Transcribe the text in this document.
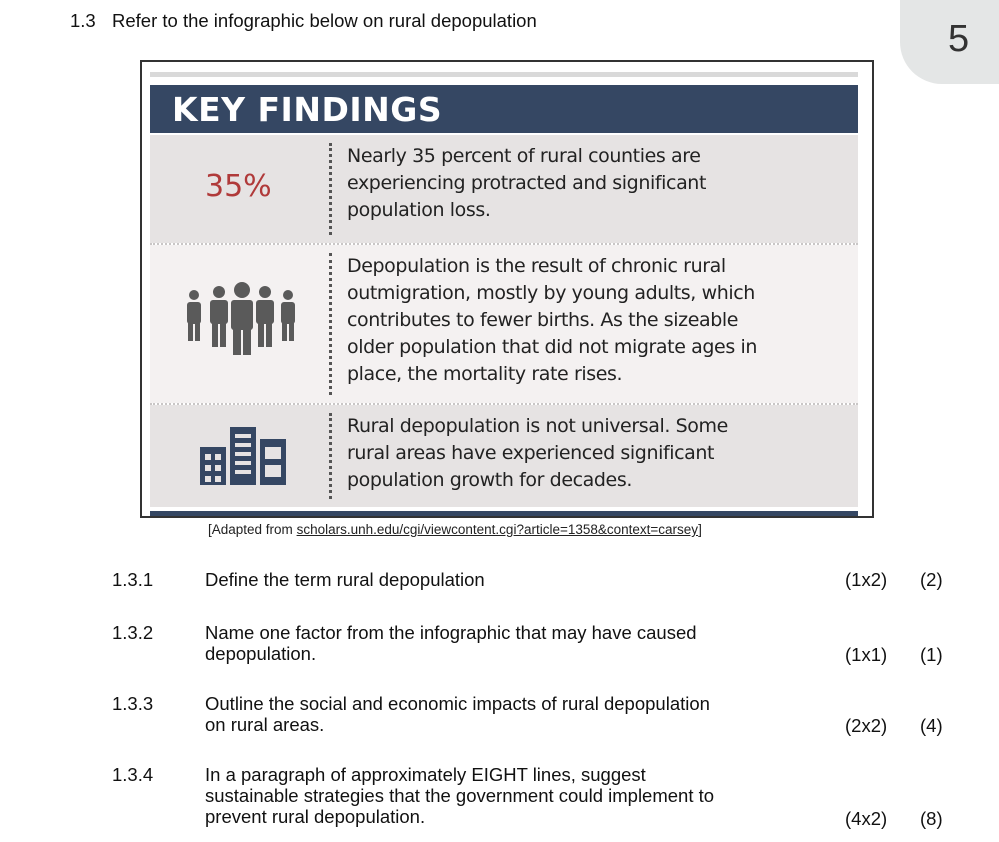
5
1.3 Refer to the infographic below on rural depopulation
KEY FINDINGS
35%
Nearly 35 percent of rural counties are
experiencing protracted and significant
population loss.
Depopulation is the result of chronic rural
outmigration, mostly by young adults, which
contributes to fewer births. As the sizeable
older population that did not migrate ages in
place, the mortality rate rises.
Rural depopulation is not universal. Some
rural areas have experienced significant
population growth for decades.
[Adapted from scholars.unh.edu/cgi/viewcontent.cgi?article=1358&context=carsey]
1.3.1	Define the term rural depopulation	(1x2) (2)
1.3.2	Name one factor from the infographic that may have caused
depopulation.	(1x1) (1)
1.3.3	Outline the social and economic impacts of rural depopulation
on rural areas.	(2x2) (4)
1.3.4	In a paragraph of approximately EIGHT lines, suggest
sustainable strategies that the government could implement to
prevent rural depopulation.	(4x2) (8)
